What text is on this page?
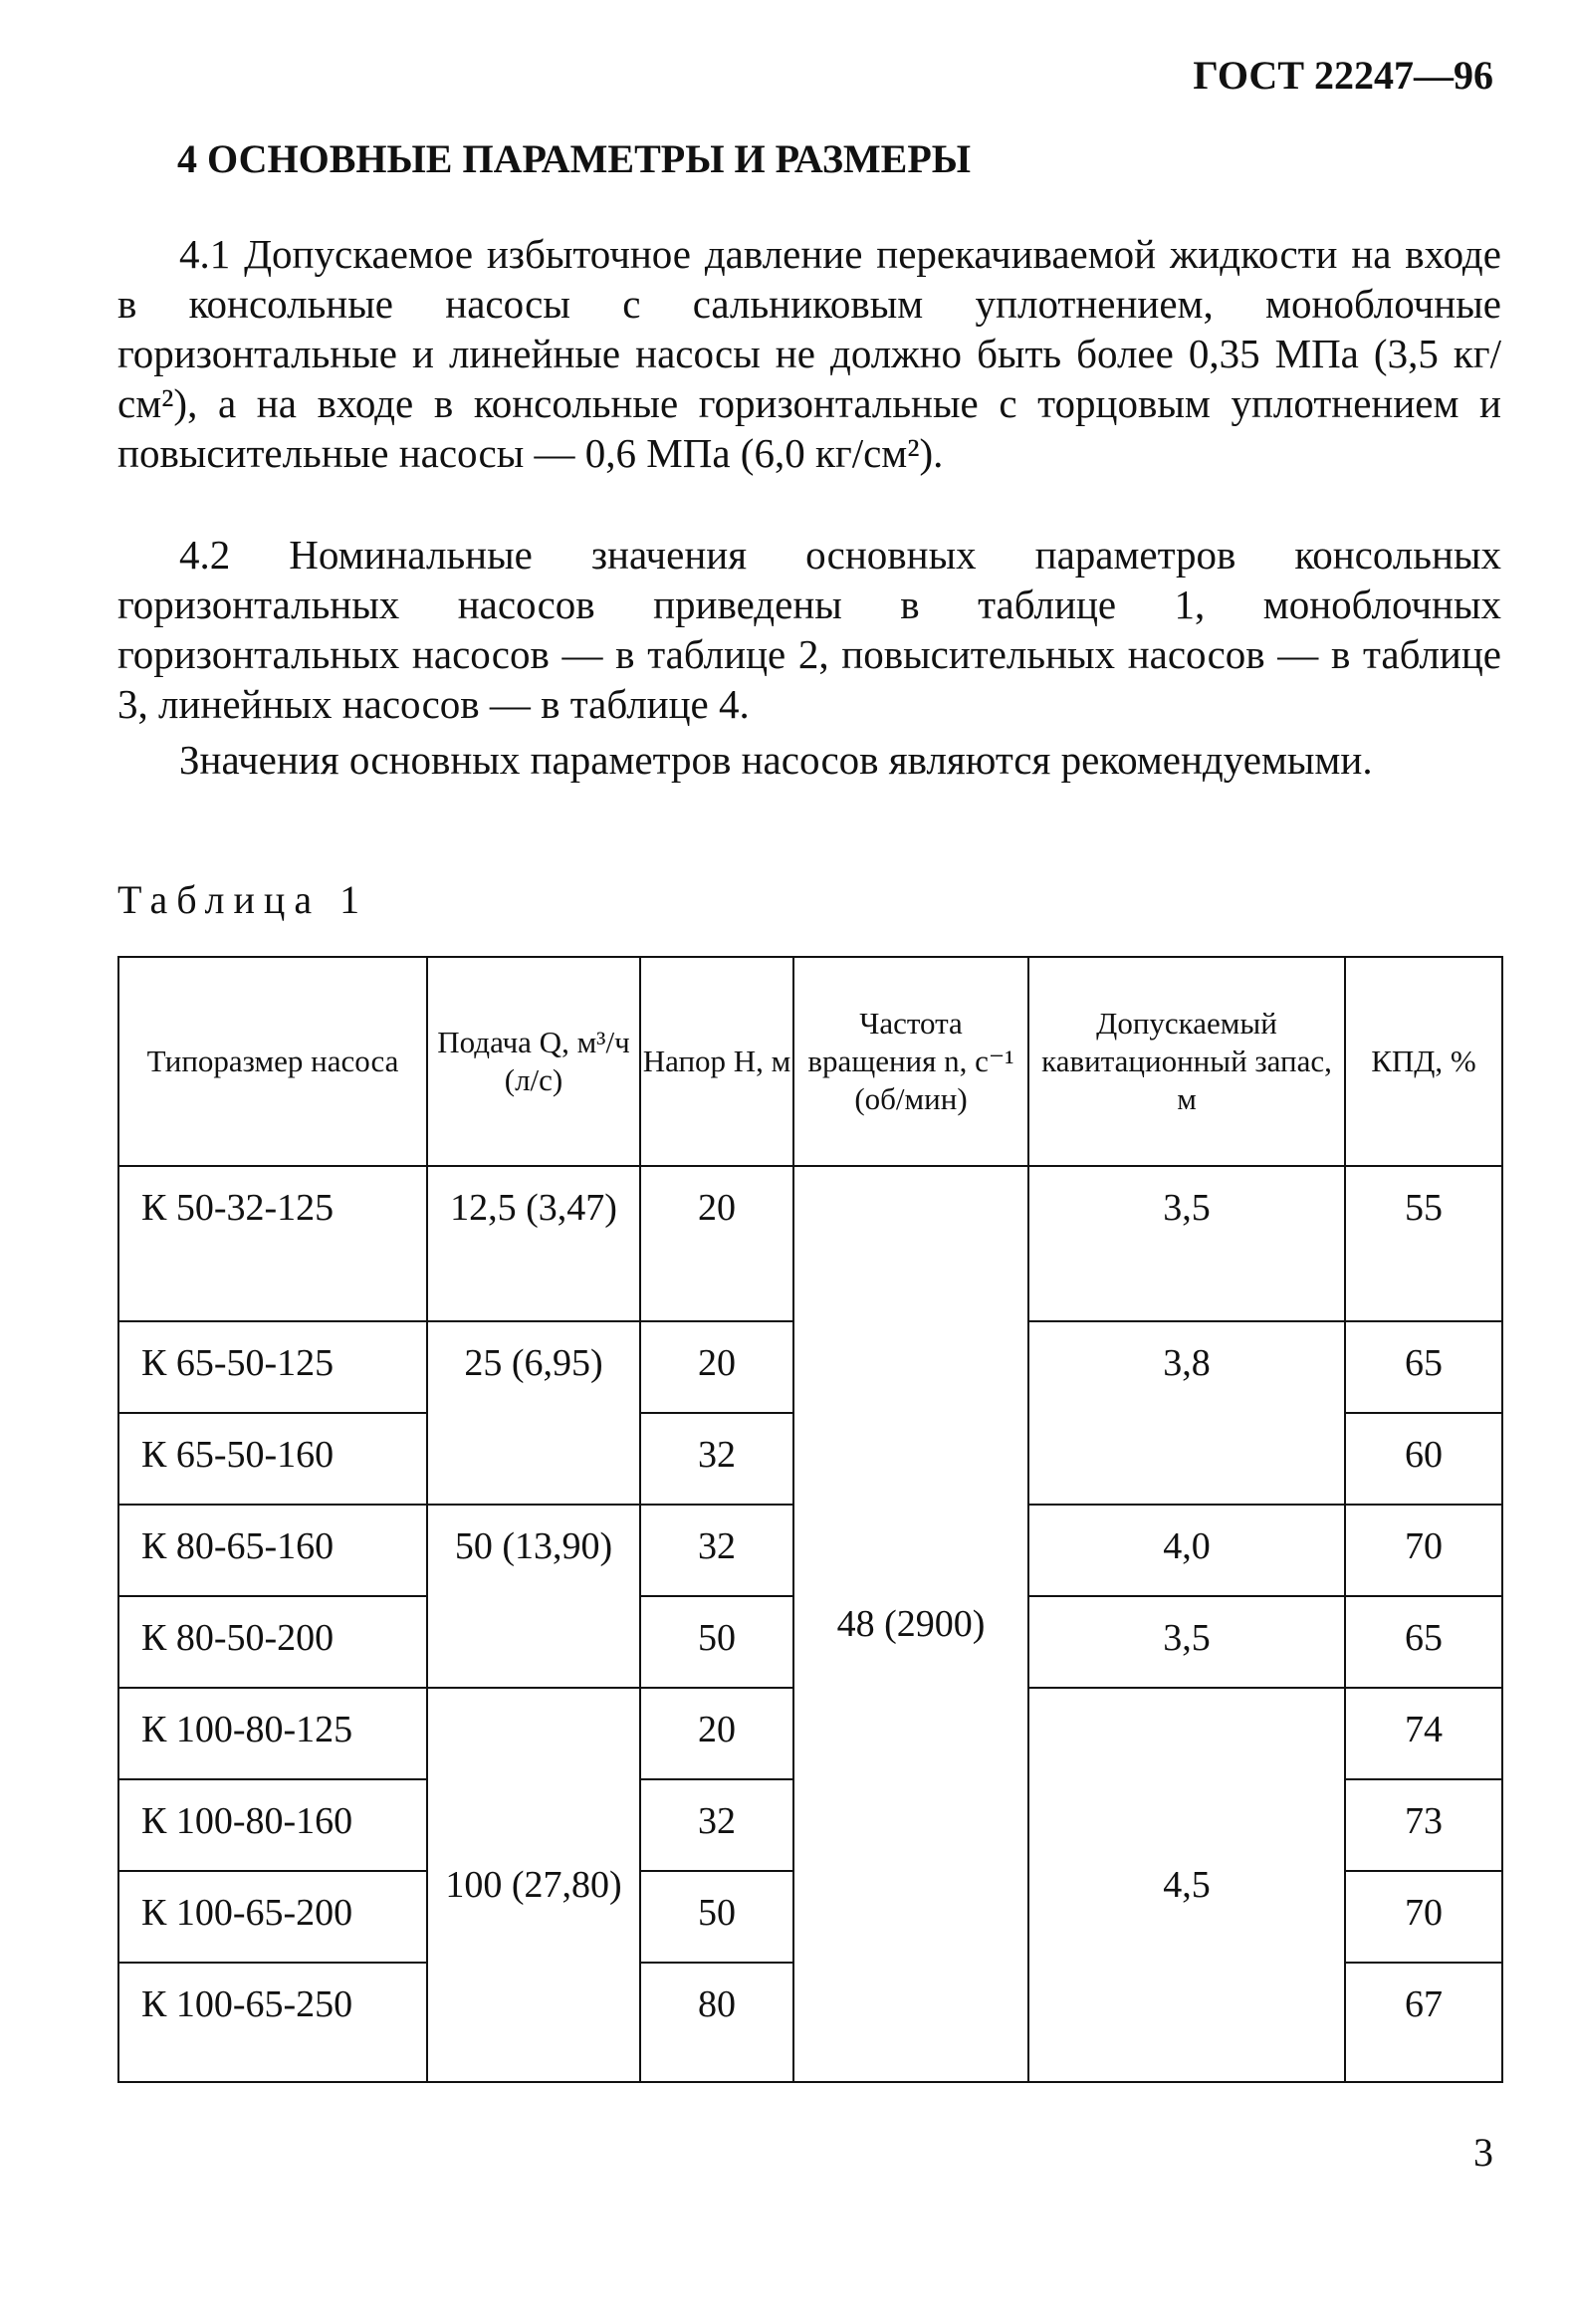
ГОСТ 22247—96
4 ОСНОВНЫЕ ПАРАМЕТРЫ И РАЗМЕРЫ

4.1 Допускаемое избыточное давление перекачиваемой жидкости на входе в консольные насосы с сальниковым уплотнением, моноблочные горизонтальные и линейные насосы не должно быть более 0,35 МПа (3,5 кг/см²), а на входе в консольные горизонтальные с торцовым уплотнением и повысительные насосы — 0,6 МПа (6,0 кг/см²).

4.2 Номинальные значения основных параметров консольных горизонтальных насосов приведены в таблице 1, моноблочных горизонтальных насосов — в таблице 2, повысительных насосов — в таблице 3, линейных насосов — в таблице 4.

Значения основных параметров насосов являются рекомендуемыми.

Таблица 1
Типоразмер насоса	Подача Q, м³/ч (л/с)	Напор H, м	Частота вращения n, с⁻¹ (об/мин)	Допускаемый кавитационный запас, м	КПД, %
К 50-32-125	12,5 (3,47)	20	48 (2900)	3,5	55
К 65-50-125	25 (6,95)	20		3,8	65
К 65-50-160		32			60
К 80-65-160	50 (13,90)	32		4,0	70
К 80-50-200		50		3,5	65
К 100-80-125	100 (27,80)	20		4,5	74
К 100-80-160		32			73
К 100-65-200		50			70
К 100-65-250		80			67
3
